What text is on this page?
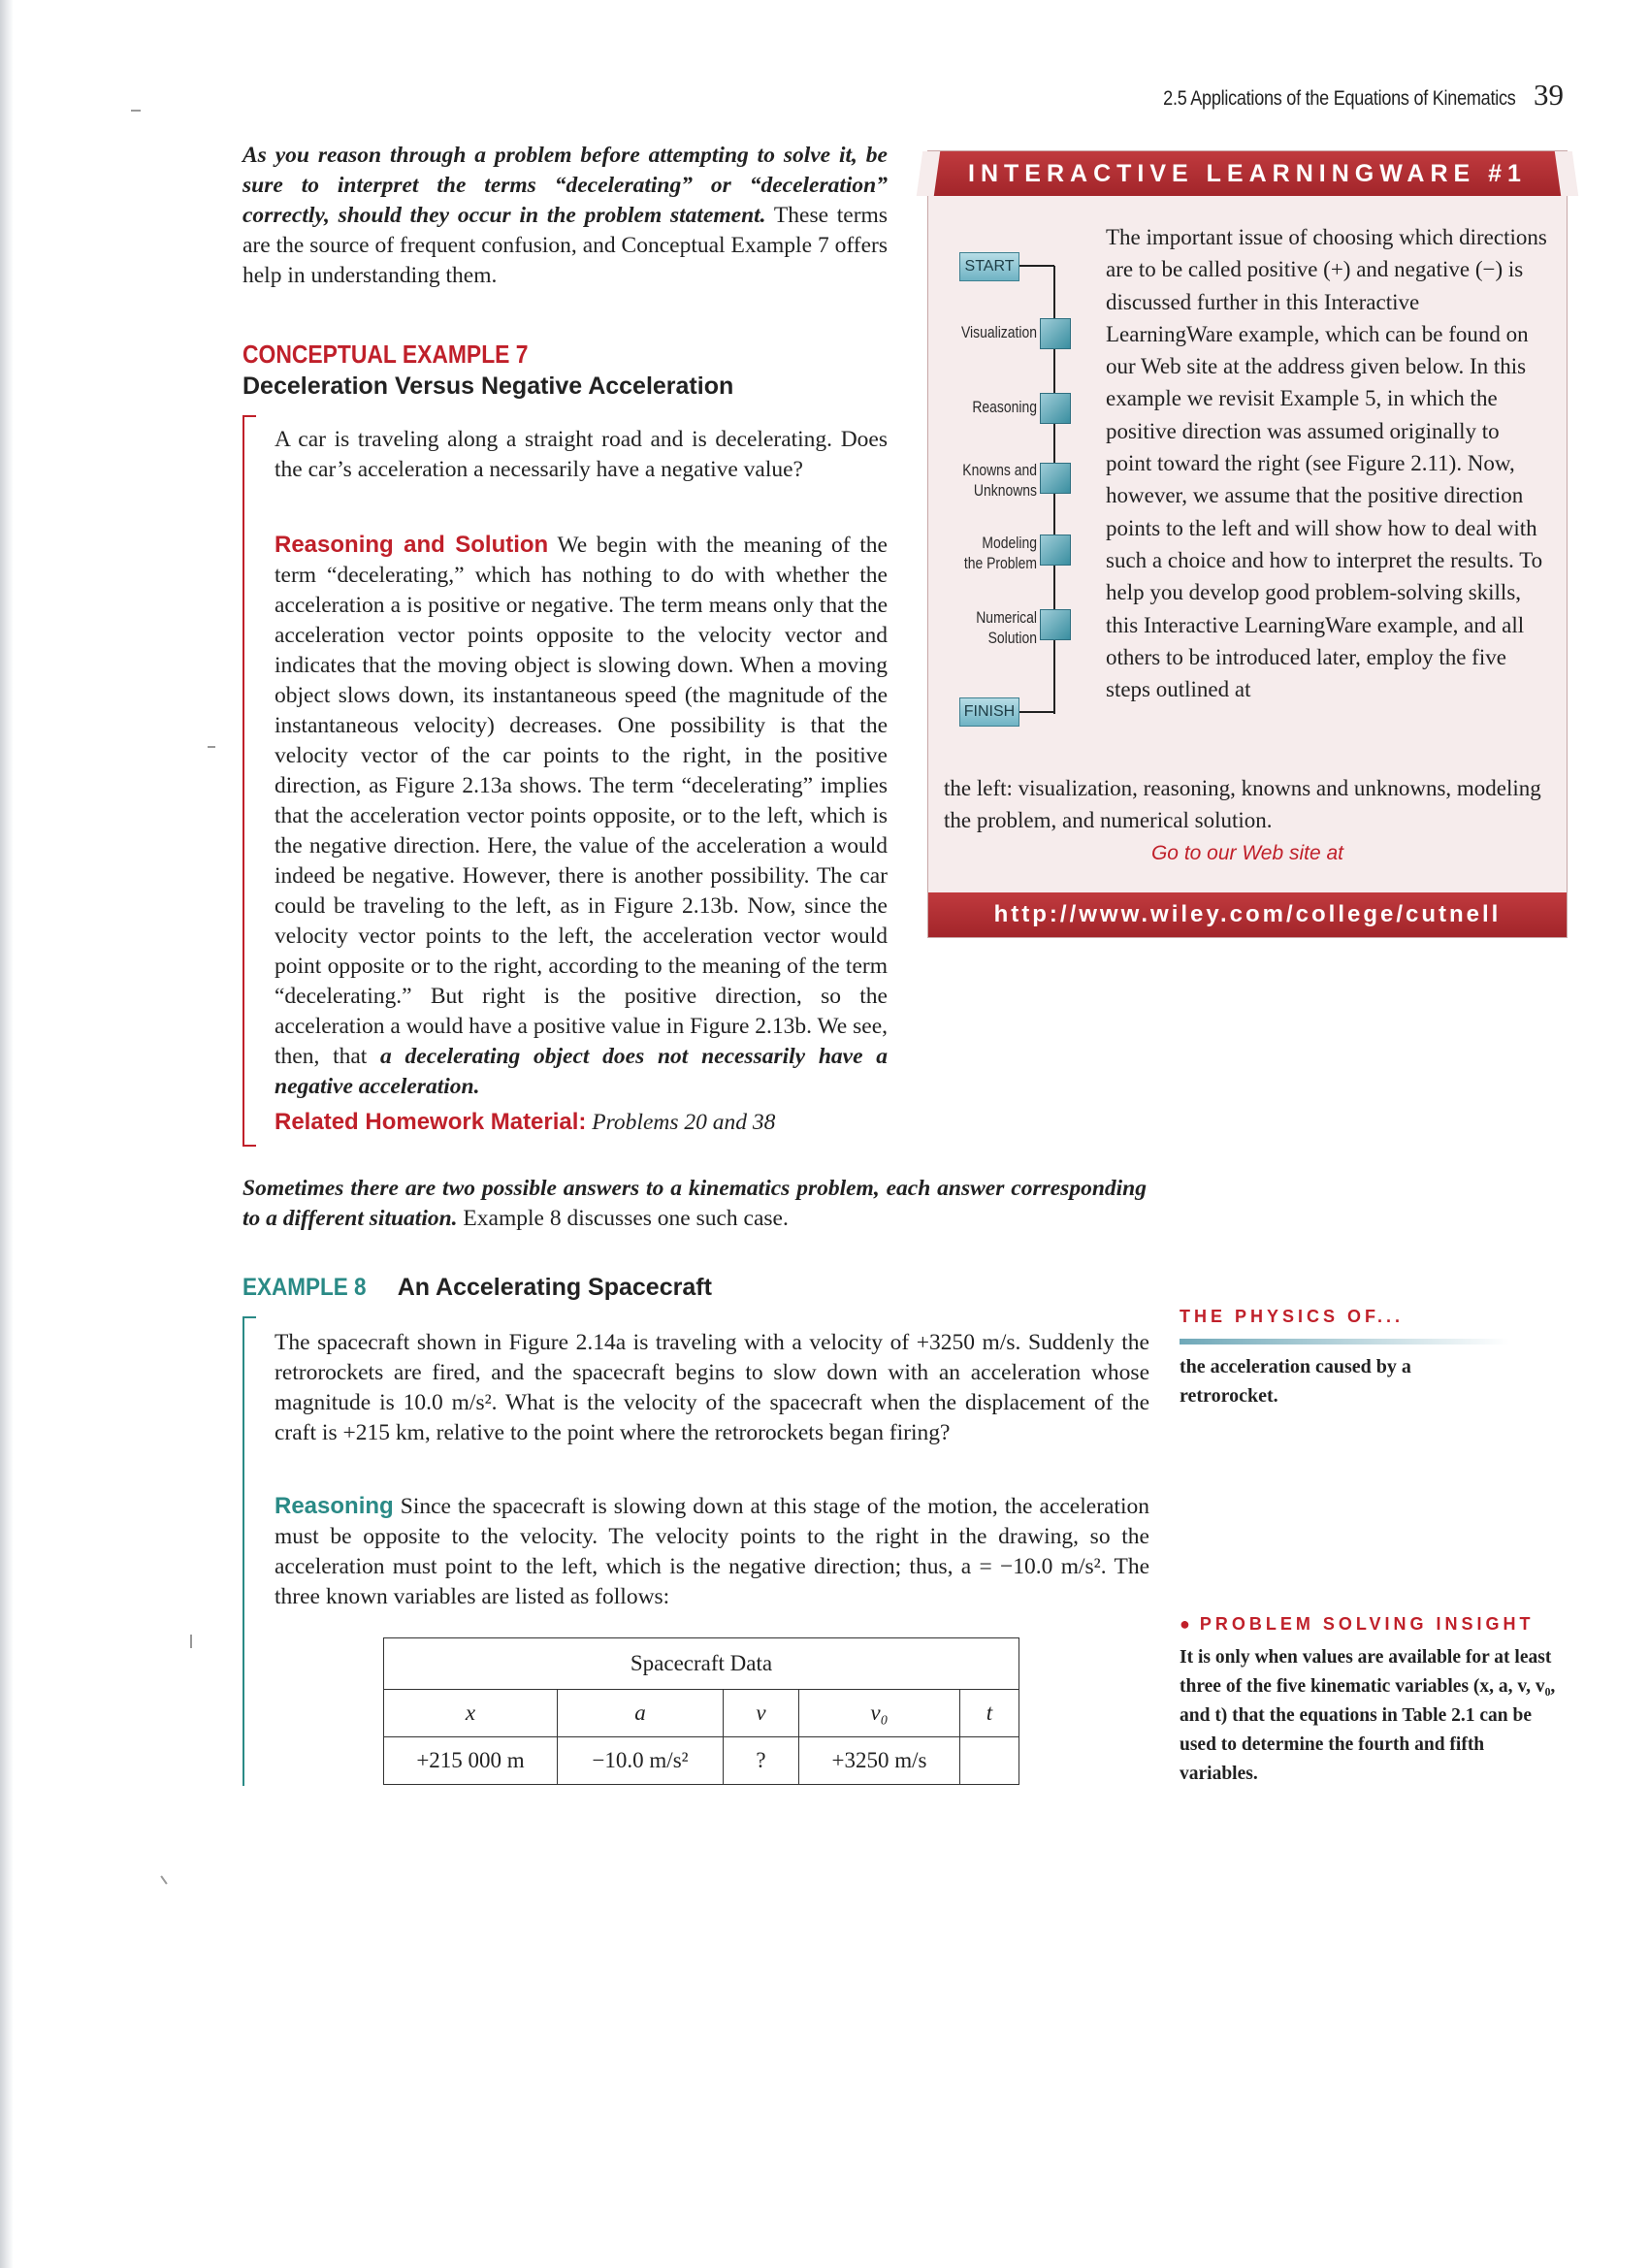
2.5 Applications of the Equations of Kinematics 39
As you reason through a problem before attempting to solve it, be sure to interpret the terms “decelerating” or “deceleration” correctly, should they occur in the problem statement. These terms are the source of frequent confusion, and Conceptual Example 7 offers help in understanding them.
CONCEPTUAL EXAMPLE 7
Deceleration Versus Negative Acceleration
A car is traveling along a straight road and is decelerating. Does the car’s acceleration a necessarily have a negative value?
Reasoning and Solution We begin with the meaning of the term “decelerating,” which has nothing to do with whether the acceleration a is positive or negative. The term means only that the acceleration vector points opposite to the velocity vector and indicates that the moving object is slowing down. When a moving object slows down, its instantaneous speed (the magnitude of the instantaneous velocity) decreases. One possibility is that the velocity vector of the car points to the right, in the positive direction, as Figure 2.13a shows. The term “decelerating” implies that the acceleration vector points opposite, or to the left, which is the negative direction. Here, the value of the acceleration a would indeed be negative. However, there is another possibility. The car could be traveling to the left, as in Figure 2.13b. Now, since the velocity vector points to the left, the acceleration vector would point opposite or to the right, according to the meaning of the term “decelerating.” But right is the positive direction, so the acceleration a would have a positive value in Figure 2.13b. We see, then, that a decelerating object does not necessarily have a negative acceleration.
Related Homework Material: Problems 20 and 38
INTERACTIVE LEARNINGWARE #1
START
Visualization
Reasoning
Knowns and
Unknowns
Modeling
the Problem
Numerical
Solution
FINISH
The important issue of choosing which directions are to be called positive (+) and negative (−) is discussed further in this Interactive LearningWare example, which can be found on our Web site at the address given below. In this example we revisit Example 5, in which the positive direction was assumed originally to point toward the right (see Figure 2.11). Now, however, we assume that the positive direction points to the left and will show how to deal with such a choice and how to interpret the results. To help you develop good problem-solving skills, this Interactive LearningWare example, and all others to be introduced later, employ the five steps outlined at
the left: visualization, reasoning, knowns and unknowns, modeling the problem, and numerical solution.
Go to our Web site at
http://www.wiley.com/college/cutnell
Sometimes there are two possible answers to a kinematics problem, each answer corresponding to a different situation. Example 8 discusses one such case.
EXAMPLE 8 An Accelerating Spacecraft
The spacecraft shown in Figure 2.14a is traveling with a velocity of +3250 m/s. Suddenly the retrorockets are fired, and the spacecraft begins to slow down with an acceleration whose magnitude is 10.0 m/s². What is the velocity of the spacecraft when the displacement of the craft is +215 km, relative to the point where the retrorockets began firing?
Reasoning Since the spacecraft is slowing down at this stage of the motion, the acceleration must be opposite to the velocity. The velocity points to the right in the drawing, so the acceleration must point to the left, which is the negative direction; thus, a = −10.0 m/s². The three known variables are listed as follows:
Spacecraft Data				
x	a	v	v₀	t
+215 000 m	−10.0 m/s²	?	+3250 m/s	
THE PHYSICS OF...
the acceleration caused by a retrorocket.
● PROBLEM SOLVING INSIGHT
It is only when values are available for at least three of the five kinematic variables (x, a, v, v₀, and t) that the equations in Table 2.1 can be used to determine the fourth and fifth variables.
